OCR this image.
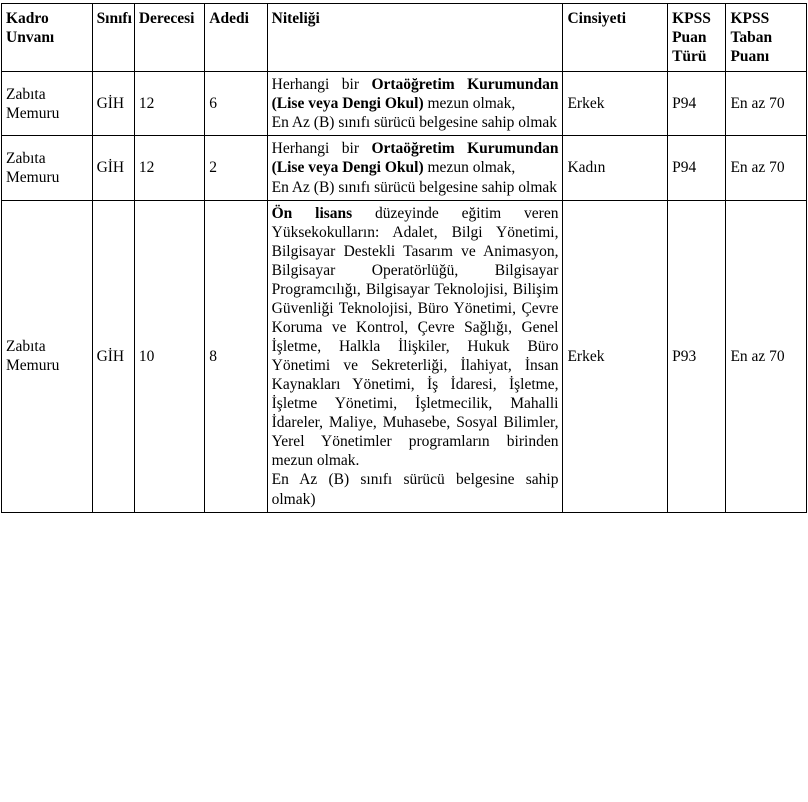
Kadro Unvanı	Sınıfı	Derecesi	Adedi	Niteliği	Cinsiyeti	KPSS Puan Türü	KPSS Taban Puanı
Zabıta Memuru	GİH	12	6	Herhangi bir Ortaöğretim Kurumundan (Lise veya Dengi Okul) mezun olmak,

En Az (B) sınıfı sürücü belgesine sahip olmak	Erkek	P94	En az 70
Zabıta Memuru	GİH	12	2	Herhangi bir Ortaöğretim Kurumundan (Lise veya Dengi Okul) mezun olmak,

En Az (B) sınıfı sürücü belgesine sahip olmak	Kadın	P94	En az 70
Zabıta Memuru	GİH	10	8	Ön lisans düzeyinde eğitim veren Yüksekokulların: Adalet, Bilgi Yönetimi, Bilgisayar Destekli Tasarım ve Animasyon, Bilgisayar Operatörlüğü, Bilgisayar Programcılığı, Bilgisayar Teknolojisi, Bilişim Güvenliği Teknolojisi, Büro Yönetimi, Çevre Koruma ve Kontrol, Çevre Sağlığı, Genel İşletme, Halkla İlişkiler, Hukuk Büro Yönetimi ve Sekreterliği, İlahiyat, İnsan Kaynakları Yönetimi, İş İdaresi, İşletme, İşletme Yönetimi, İşletmecilik, Mahalli İdareler, Maliye, Muhasebe, Sosyal Bilimler, Yerel Yönetimler programların birinden mezun olmak.

En Az (B) sınıfı sürücü belgesine sahip olmak)	Erkek	P93	En az 70
